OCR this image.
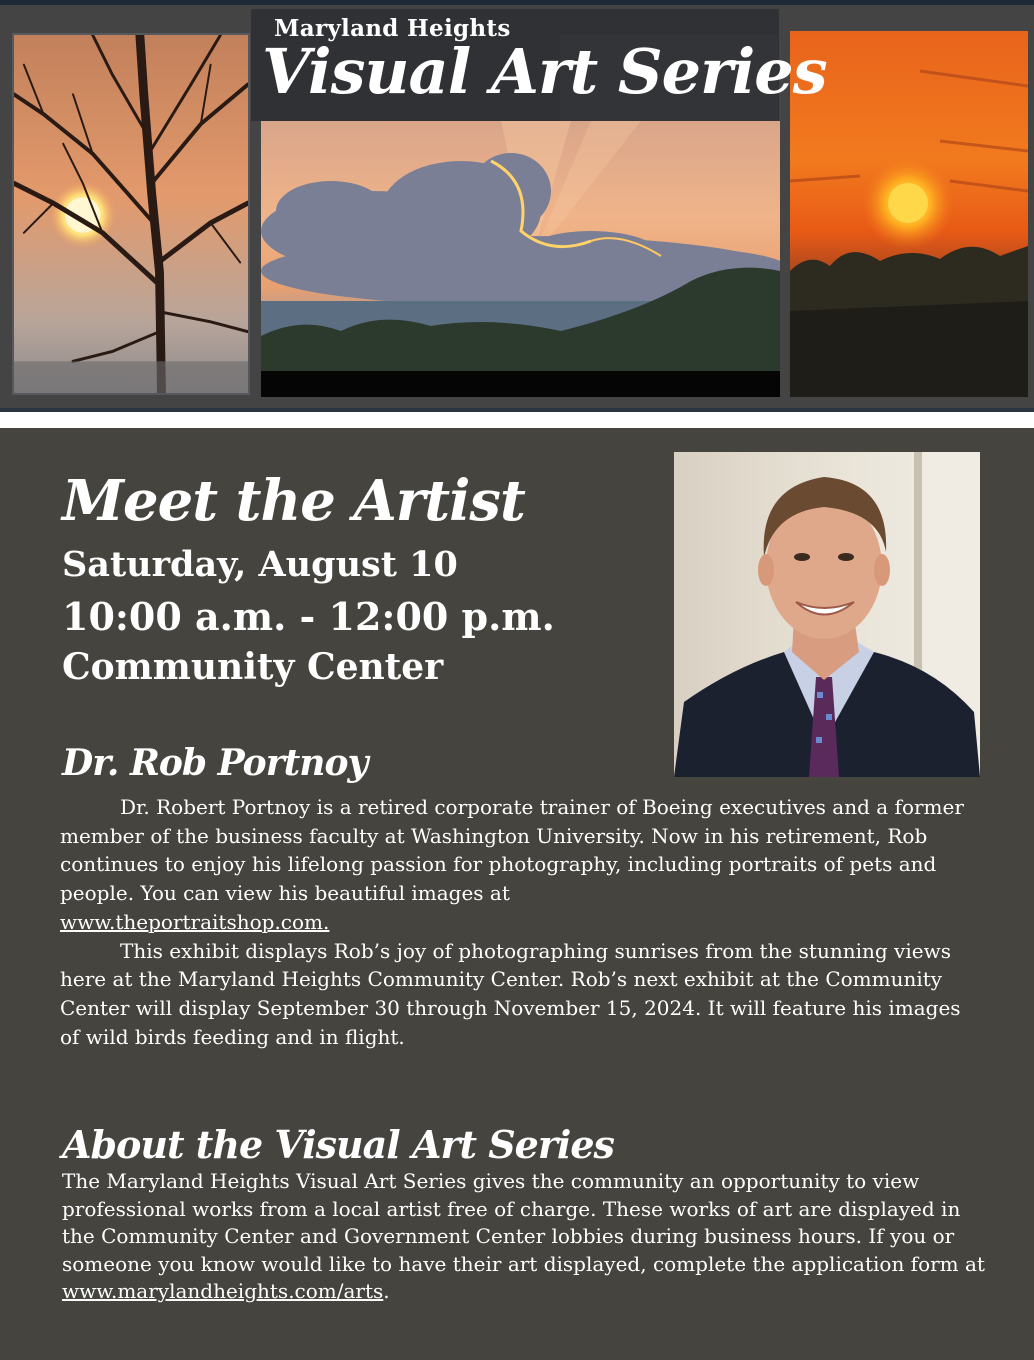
Maryland Heights
Visual Art Series
Meet the Artist
Saturday, August 10
10:00 a.m. - 12:00 p.m.
Community Center
Dr. Rob Portnoy

Dr. Robert Portnoy is a retired corporate trainer of Boeing executives and a former member of the business faculty at Washington University. Now in his retirement, Rob continues to enjoy his lifelong passion for photography, including portraits of pets and people. You can view his beautiful images at

www.theportraitshop.com.

This exhibit displays Rob’s joy of photographing sunrises from the stunning views here at the Maryland Heights Community Center. Rob’s next exhibit at the Community Center will display September 30 through November 15, 2024. It will feature his images of wild birds feeding and in flight.

About the Visual Art Series
The Maryland Heights Visual Art Series gives the community an opportunity to view professional works from a local artist free of charge. These works of art are displayed in the Community Center and Government Center lobbies during business hours. If you or someone you know would like to have their art displayed, complete the application form at www.marylandheights.com/arts.
